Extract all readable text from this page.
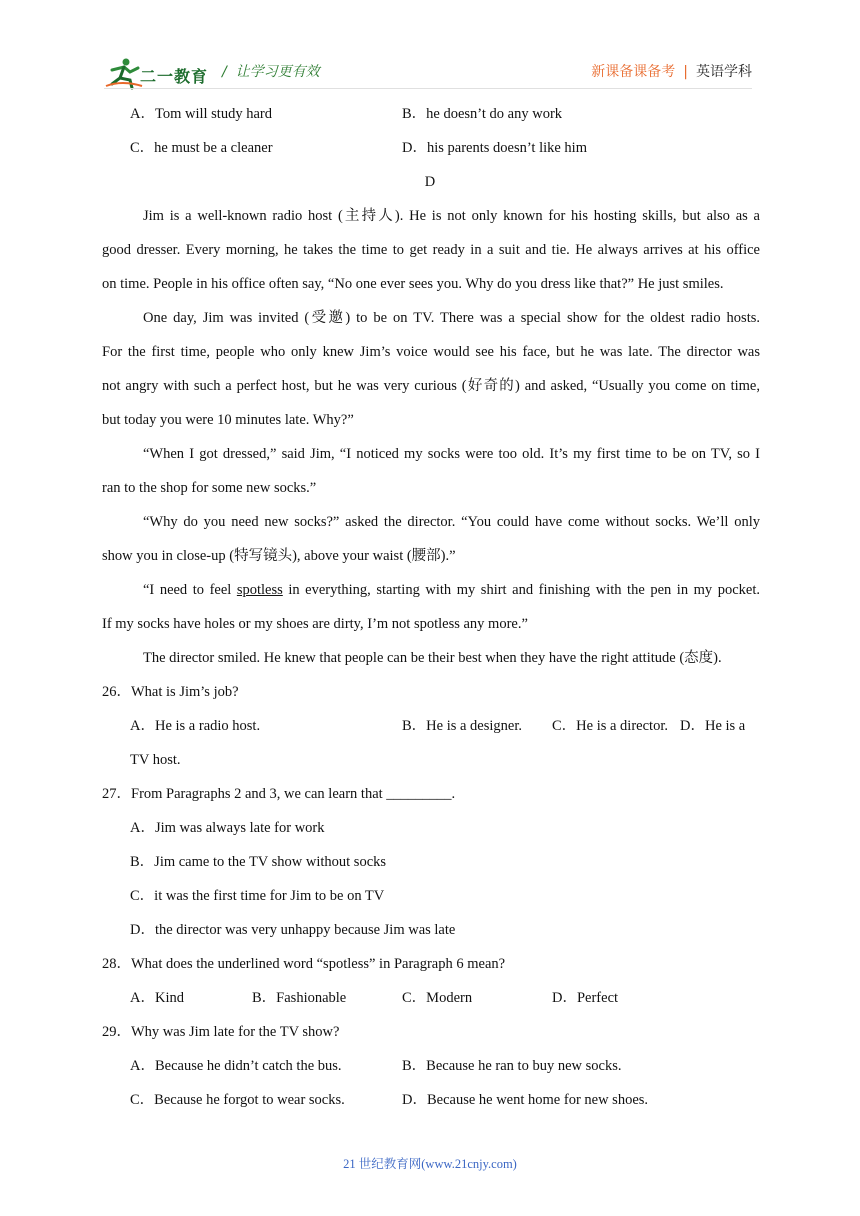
二一教育 /  让学习更有效	新课备课备考 | 英语学科
A．Tom will study hard	B．he doesn’t do any work
C．he must be a cleaner	D．his parents doesn’t like him
D
Jim is a well-known radio host (主持人). He is not only known for his hosting skills, but also as a
good dresser. Every morning, he takes the time to get ready in a suit and tie. He always arrives at his office
on time. People in his office often say, “No one ever sees you. Why do you dress like that?” He just smiles.
One day, Jim was invited (受邀) to be on TV. There was a special show for the oldest radio hosts.
For the first time, people who only knew Jim’s voice would see his face, but he was late. The director was
not angry with such a perfect host, but he was very curious (好奇的) and asked, “Usually you come on time,
but today you were 10 minutes late. Why?”
“When I got dressed,” said Jim, “I noticed my socks were too old. It’s my first time to be on TV, so I
ran to the shop for some new socks.”
“Why do you need new socks?” asked the director. “You could have come without socks. We’ll only
show you in close-up (特写镜头), above your waist (腰部).”
“I need to feel spotless in everything, starting with my shirt and finishing with the pen in my pocket.
If my socks have holes or my shoes are dirty, I’m not spotless any more.”
The director smiled. He knew that people can be their best when they have the right attitude (态度).
26．What is Jim’s job?
A．He is a radio host.	B．He is a designer. C．He is a director. D．He is a
TV host.
27．From Paragraphs 2 and 3, we can learn that _________.
A．Jim was always late for work
B．Jim came to the TV show without socks
C．it was the first time for Jim to be on TV
D．the director was very unhappy because Jim was late
28．What does the underlined word “spotless” in Paragraph 6 mean?
A．Kind	B．Fashionable	C．Modern	D．Perfect
29．Why was Jim late for the TV show?
A．Because he didn’t catch the bus.	B．Because he ran to buy new socks.
C．Because he forgot to wear socks.	D．Because he went home for new shoes.
21 世纪教育网(www.21cnjy.com)
